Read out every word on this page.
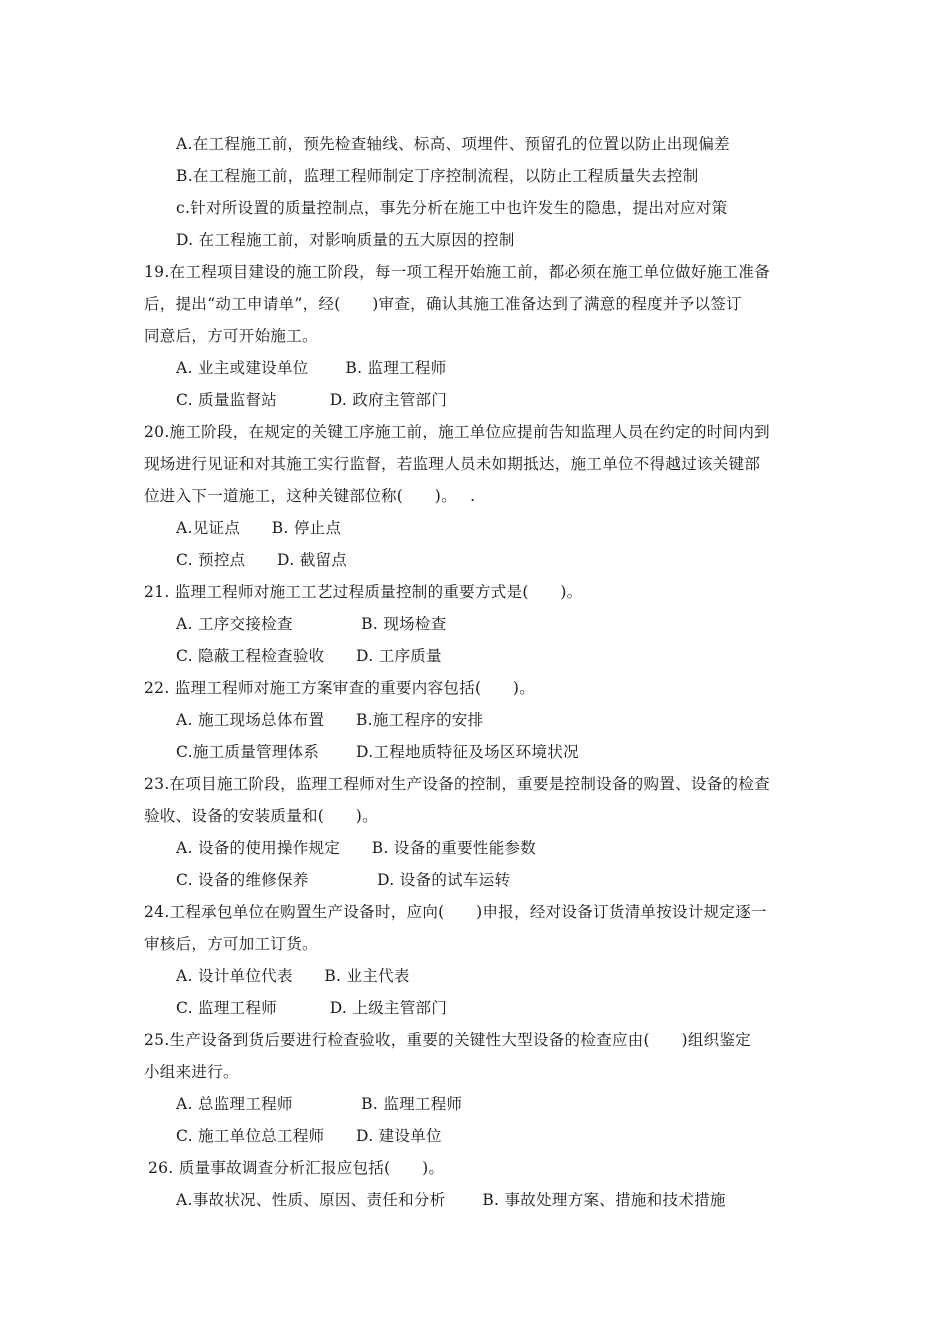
A.在工程施工前，预先检查轴线、标高、项埋件、预留孔的位置以防止出现偏差
B.在工程施工前，监理工程师制定丁序控制流程，以防止工程质量失去控制
c.针对所设置的质量控制点，事先分析在施工中也许发生的隐患，提出对应对策
D. 在工程施工前，对影响质量的五大原因的控制
19.在工程项目建设的施工阶段，每一项工程开始施工前，都必须在施工单位做好施工准备
后，提出“动工申请单”，经(　　)审查，确认其施工准备达到了满意的程度并予以签订
同意后，方可开始施工。
A. 业主或建设单位　　 B. 监理工程师
C. 质量监督站　　　 D. 政府主管部门
20.施工阶段，在规定的关键工序施工前，施工单位应提前告知监理人员在约定的时间内到
现场进行见证和对其施工实行监督，若监理人员未如期抵达，施工单位不得越过该关键部
位进入下一道施工，这种关键部位称(　　)。　 .
A.见证点　　B. 停止点
C. 预控点　　D. 截留点
21. 监理工程师对施工工艺过程质量控制的重要方式是(　　)。
A. 工序交接检查　　　　 B. 现场检查
C. 隐蔽工程检查验收　　D. 工序质量
22. 监理工程师对施工方案审查的重要内容包括(　　)。
A. 施工现场总体布置　　B.施工程序的安排
C.施工质量管理体系　　 D.工程地质特征及场区环境状况
23.在项目施工阶段，监理工程师对生产设备的控制，重要是控制设备的购置、设备的检查
验收、设备的安装质量和(　　)。
A. 设备的使用操作规定　　B. 设备的重要性能参数
C. 设备的维修保养　　　　 D. 设备的试车运转
24.工程承包单位在购置生产设备时，应向(　　)申报，经对设备订货清单按设计规定逐一
审核后，方可加工订货。
A. 设计单位代表　　B. 业主代表
C. 监理工程师　　　 D. 上级主管部门
25.生产设备到货后要进行检查验收，重要的关键性大型设备的检查应由(　　)组织鉴定
小组来进行。
A. 总监理工程师　　　　 B. 监理工程师
C. 施工单位总工程师　　D. 建设单位
26. 质量事故调查分析汇报应包括(　　)。
A.事故状况、性质、原因、责任和分析　　 B. 事故处理方案、措施和技术措施
